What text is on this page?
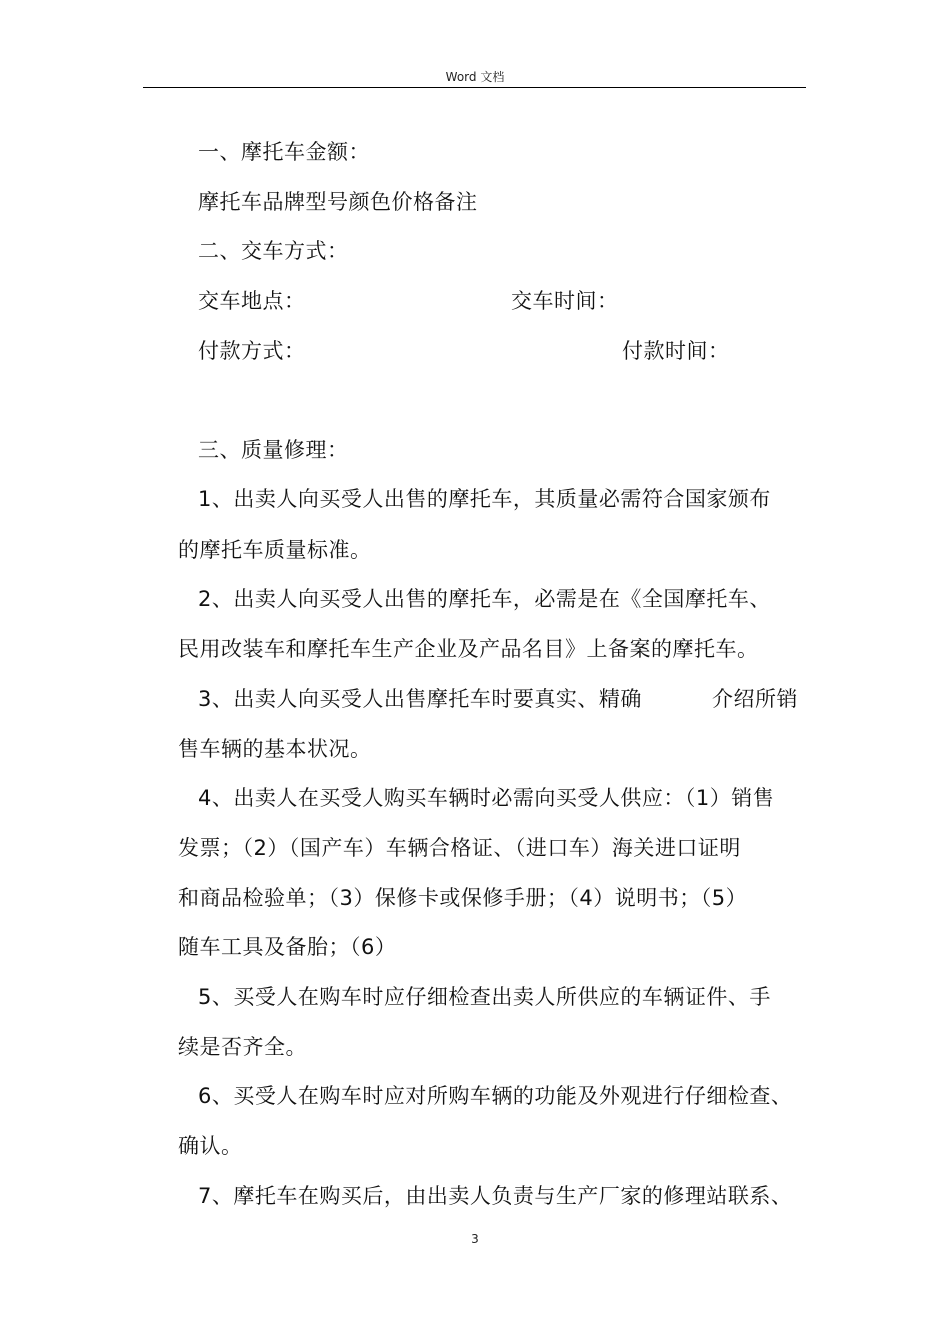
Word 文档
一、摩托车金额：
摩托车品牌型号颜色价格备注
二、交车方式：
交车地点：	交车时间：
付款方式：	付款时间：
三、质量修理：
1、出卖人向买受人出售的摩托车，其质量必需符合国家颁布
的摩托车质量标准。
2、出卖人向买受人出售的摩托车，必需是在《全国摩托车、
民用改装车和摩托车生产企业及产品名目》上备案的摩托车。
3、出卖人向买受人出售摩托车时要真实、精确	介绍所销
售车辆的基本状况。
4、出卖人在买受人购买车辆时必需向买受人供应：（1）销售
发票；（2）（国产车）车辆合格证、（进口车）海关进口证明
和商品检验单；（3）保修卡或保修手册；（4）说明书；（5）
随车工具及备胎；（6）
5、买受人在购车时应仔细检查出卖人所供应的车辆证件、手
续是否齐全。
6、买受人在购车时应对所购车辆的功能及外观进行仔细检查、
确认。
7、摩托车在购买后，由出卖人负责与生产厂家的修理站联系、
3
